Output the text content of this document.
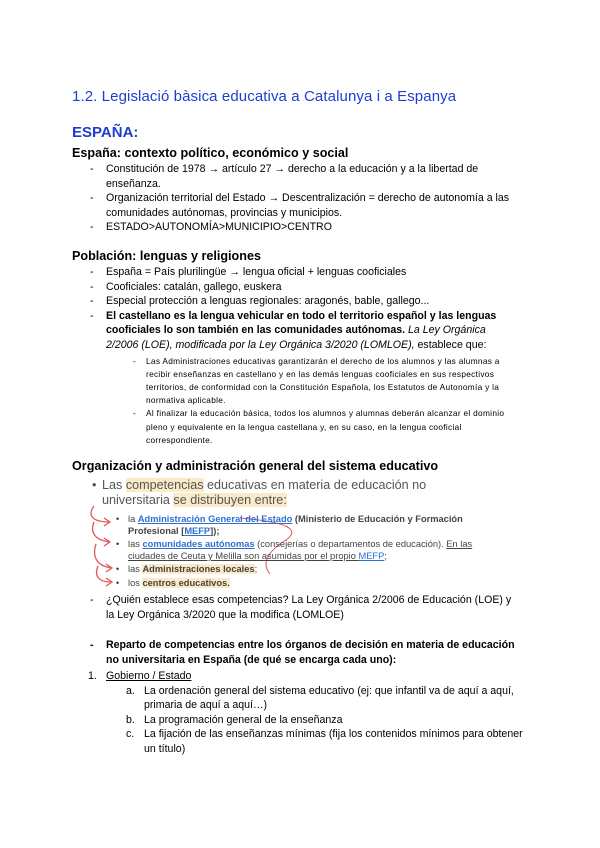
1.2. Legislació bàsica educativa a Catalunya i a Espanya
ESPAÑA:
España: contexto político, económico y social
- Constitución de 1978 → artículo 27 → derecho a la educación y a la libertad de enseñanza.
- Organización territorial del Estado → Descentralización = derecho de autonomía a las comunidades autónomas, provincias y municipios.
- ESTADO>AUTONOMÍA>MUNICIPIO>CENTRO
Población: lenguas y religiones
- España = País plurilingüe → lengua oficial + lenguas cooficiales
- Cooficiales: catalán, gallego, euskera
- Especial protección a lenguas regionales: aragonés, bable, gallego...
- El castellano es la lengua vehicular en todo el territorio español y las lenguas cooficiales lo son también en las comunidades autónomas. La Ley Orgánica 2/2006 (LOE), modificada por la Ley Orgánica 3/2020 (LOMLOE), establece que:
- Las Administraciones educativas garantizarán el derecho de los alumnos y las alumnas a recibir enseñanzas en castellano y en las demás lenguas cooficiales en sus respectivos territorios, de conformidad con la Constitución Española, los Estatutos de Autonomía y la normativa aplicable.
- Al finalizar la educación básica, todos los alumnos y alumnas deberán alcanzar el dominio pleno y equivalente en la lengua castellana y, en su caso, en la lengua cooficial correspondiente.
Organización y administración general del sistema educativo
• Las competencias educativas en materia de educación no
universitaria se distribuyen entre:
• la Administración General del Estado (Ministerio de Educación y Formación
Profesional [MEFP]);
• las comunidades autónomas (consejerías o departamentos de educación). En las
ciudades de Ceuta y Melilla son asumidas por el propio MEFP;
• las Administraciones locales;
• los centros educativos.
- ¿Quién establece esas competencias? La Ley Orgánica 2/2006 de Educación (LOE) y la Ley Orgánica 3/2020 que la modifica (LOMLOE)
- Reparto de competencias entre los órganos de decisión en materia de educación no universitaria en España (de qué se encarga cada uno):
1. Gobierno / Estado
a. La ordenación general del sistema educativo (ej: que infantil va de aquí a aquí, primaria de aquí a aquí…)
b. La programación general de la enseñanza
c. La fijación de las enseñanzas mínimas (fija los contenidos mínimos para obtener un título)
